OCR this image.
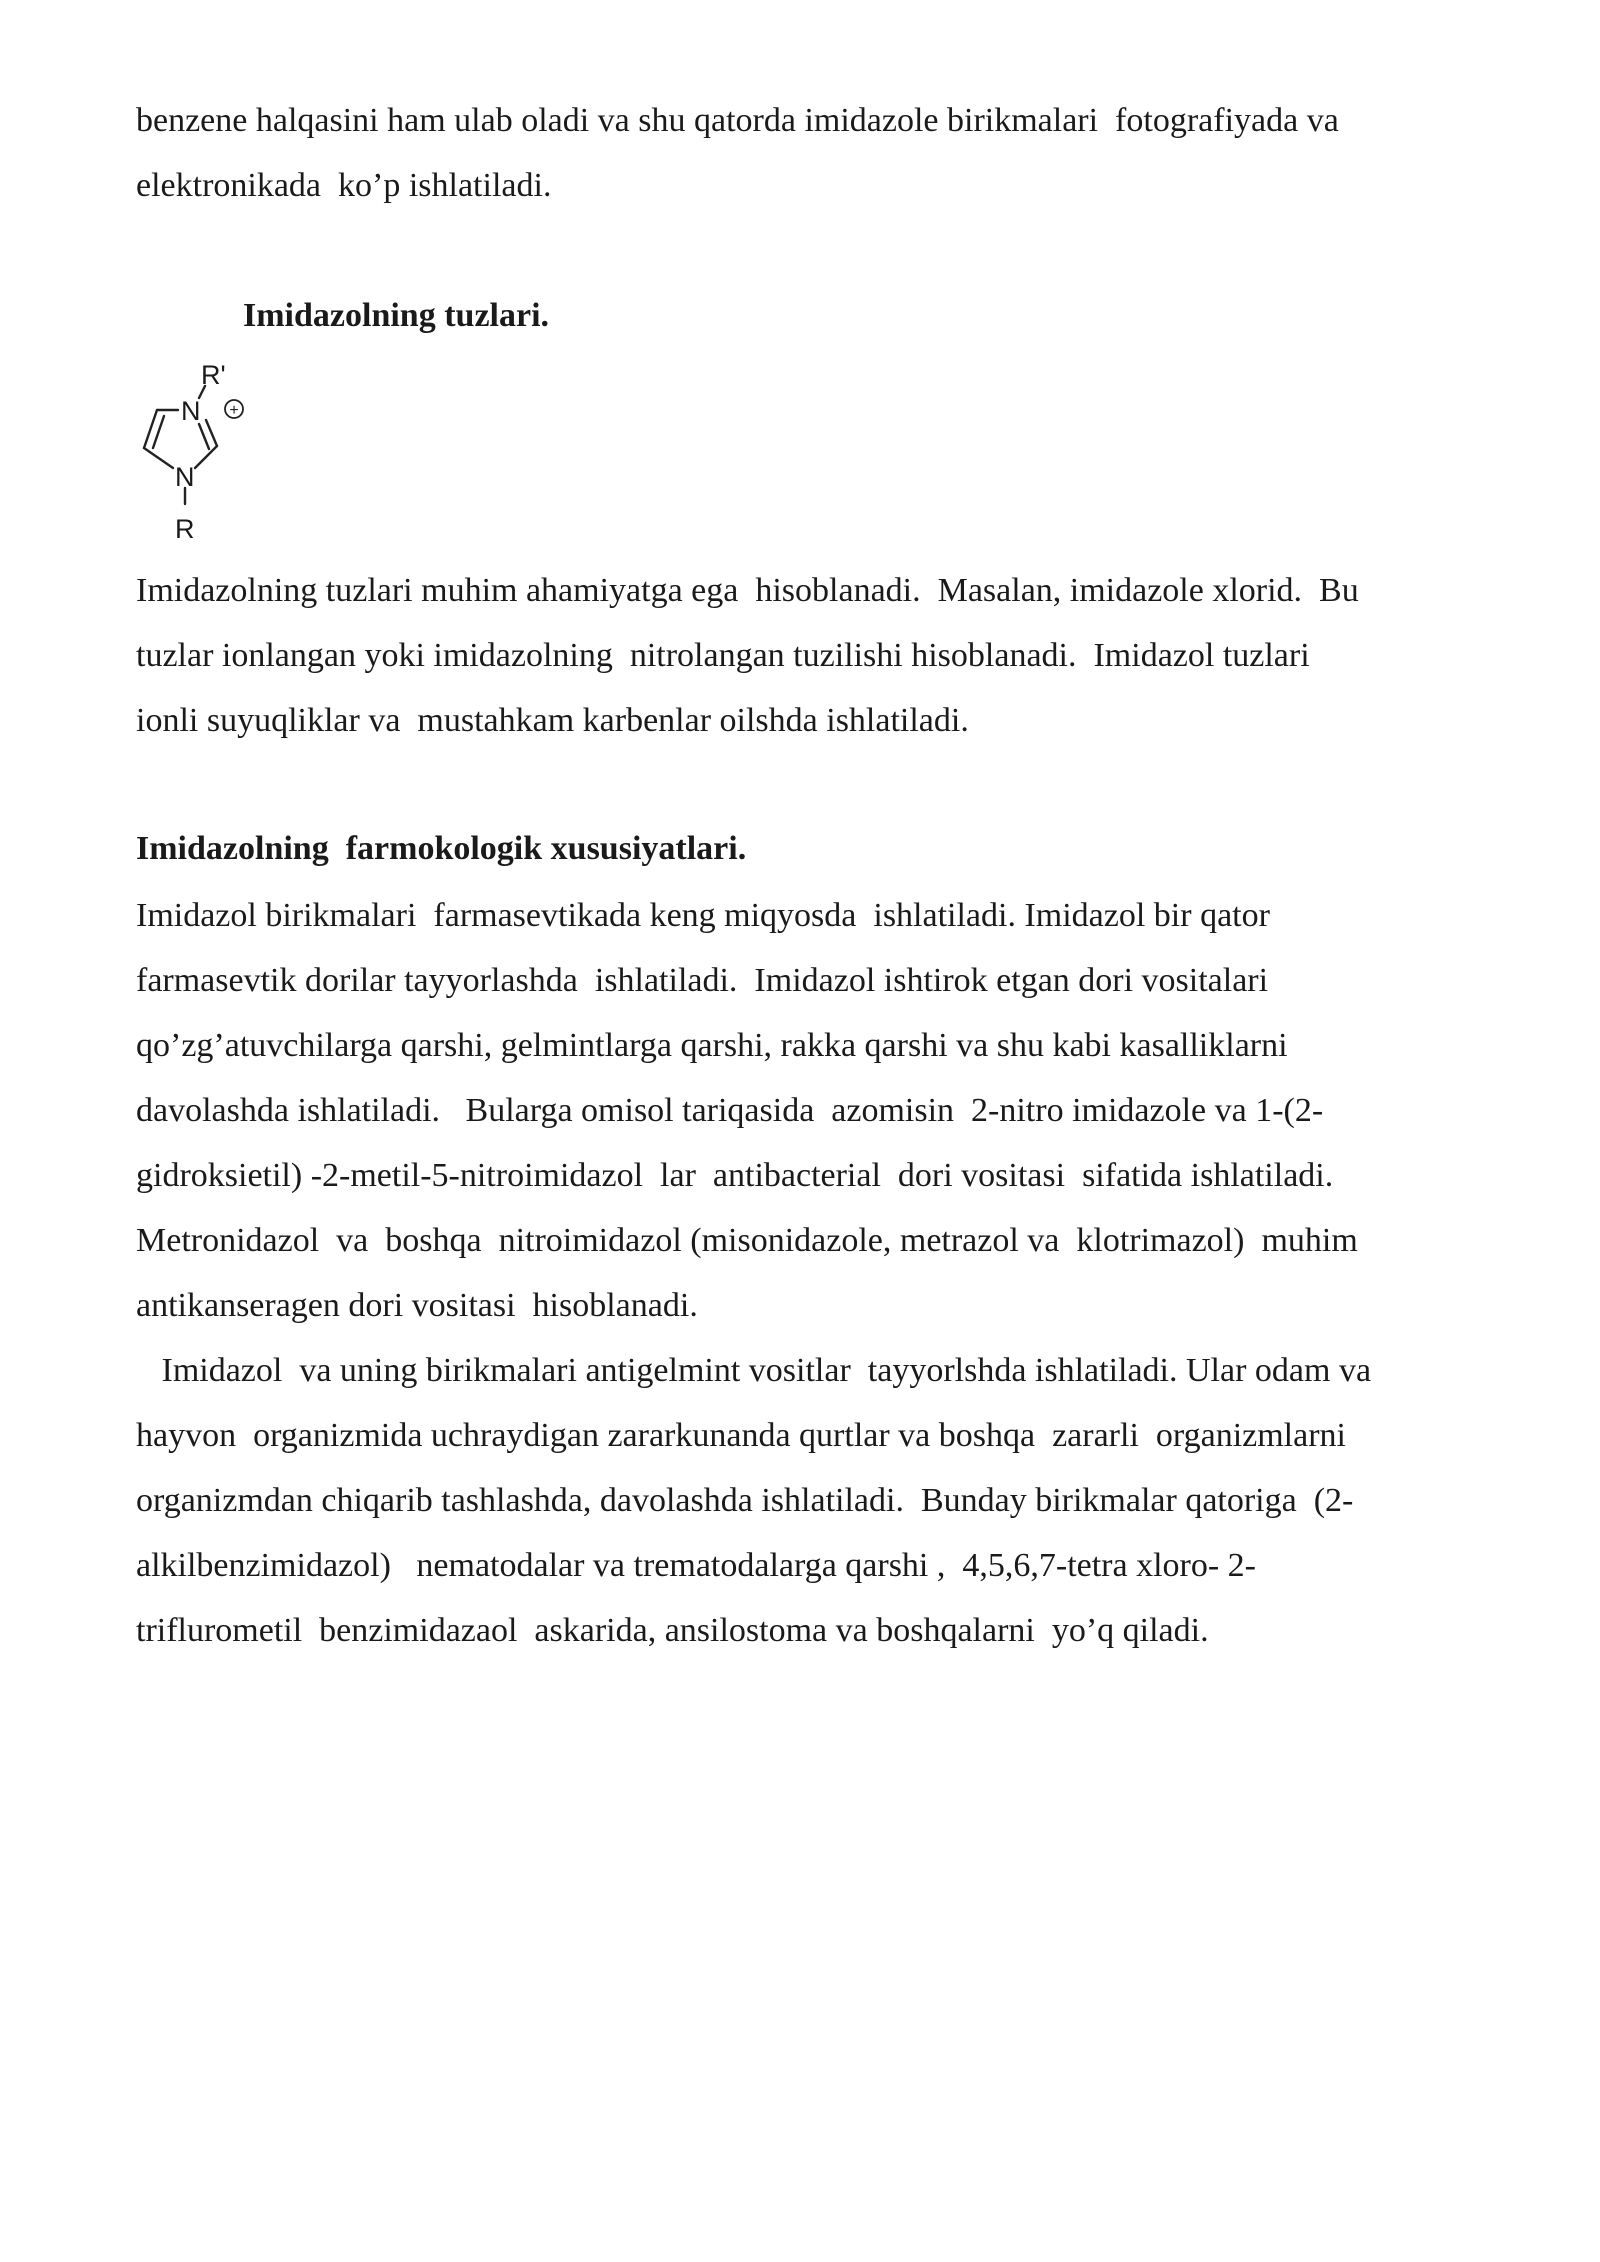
benzene halqasini ham ulab oladi va shu qatorda imidazole birikmalari  fotografiyada va
elektronikada  ko’p ishlatiladi.

Imidazolning tuzlari.
R'
N
N
R
+

Imidazolning tuzlari muhim ahamiyatga ega  hisoblanadi.  Masalan, imidazole xlorid.  Bu
tuzlar ionlangan yoki imidazolning  nitrolangan tuzilishi hisoblanadi.  Imidazol tuzlari
ionli suyuqliklar va  mustahkam karbenlar oilshda ishlatiladi.

Imidazolning  farmokologik xususiyatlari.

Imidazol birikmalari  farmasevtikada keng miqyosda  ishlatiladi. Imidazol bir qator
farmasevtik dorilar tayyorlashda  ishlatiladi.  Imidazol ishtirok etgan dori vositalari
qo’zg’atuvchilarga qarshi, gelmintlarga qarshi, rakka qarshi va shu kabi kasalliklarni
davolashda ishlatiladi.   Bularga omisol tariqasida  azomisin  2-nitro imidazole va 1-(2-
gidroksietil) -2-metil-5-nitroimidazol  lar  antibacterial  dori vositasi  sifatida ishlatiladi.
Metronidazol  va  boshqa  nitroimidazol (misonidazole, metrazol va  klotrimazol)  muhim
antikanseragen dori vositasi  hisoblanadi.

Imidazol  va uning birikmalari antigelmint vositlar  tayyorlshda ishlatiladi. Ular odam va
hayvon  organizmida uchraydigan zararkunanda qurtlar va boshqa  zararli  organizmlarni
organizmdan chiqarib tashlashda, davolashda ishlatiladi.  Bunday birikmalar qatoriga  (2-
alkilbenzimidazol)   nematodalar va trematodalarga qarshi ,  4,5,6,7-tetra xloro- 2-
triflurometil  benzimidazaol  askarida, ansilostoma va boshqalarni  yo’q qiladi.
